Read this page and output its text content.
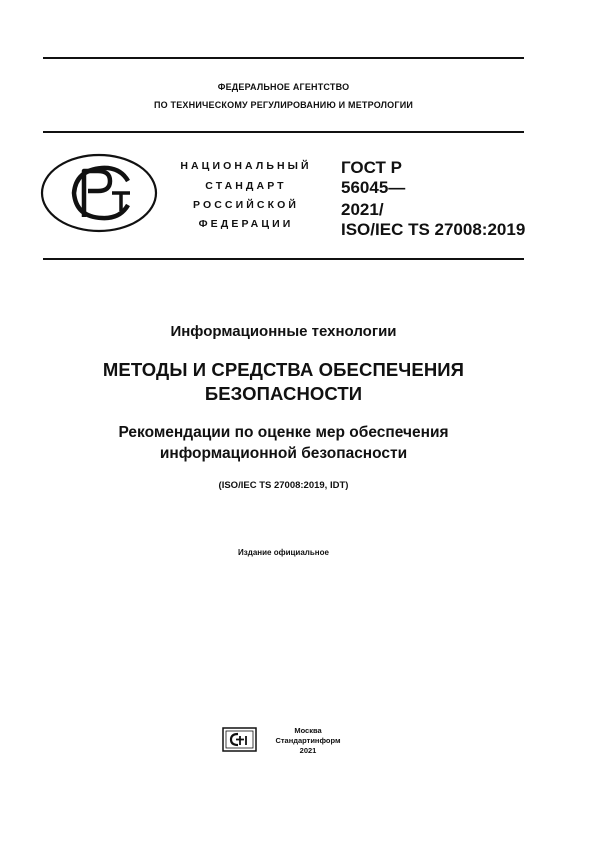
ФЕДЕРАЛЬНОЕ АГЕНТСТВО
ПО ТЕХНИЧЕСКОМУ РЕГУЛИРОВАНИЮ И МЕТРОЛОГИИ
НАЦИОНАЛЬНЫЙ
СТАНДАРТ
РОССИЙСКОЙ
ФЕДЕРАЦИИ
ГОСТ Р
56045—
2021/
ISO/IEC TS 27008:2019
Информационные технологии
МЕТОДЫ И СРЕДСТВА ОБЕСПЕЧЕНИЯ
БЕЗОПАСНОСТИ
Рекомендации по оценке мер обеспечения
информационной безопасности
(ISO/IEC TS 27008:2019, IDT)
Издание официальное
Москва
Стандартинформ
2021
